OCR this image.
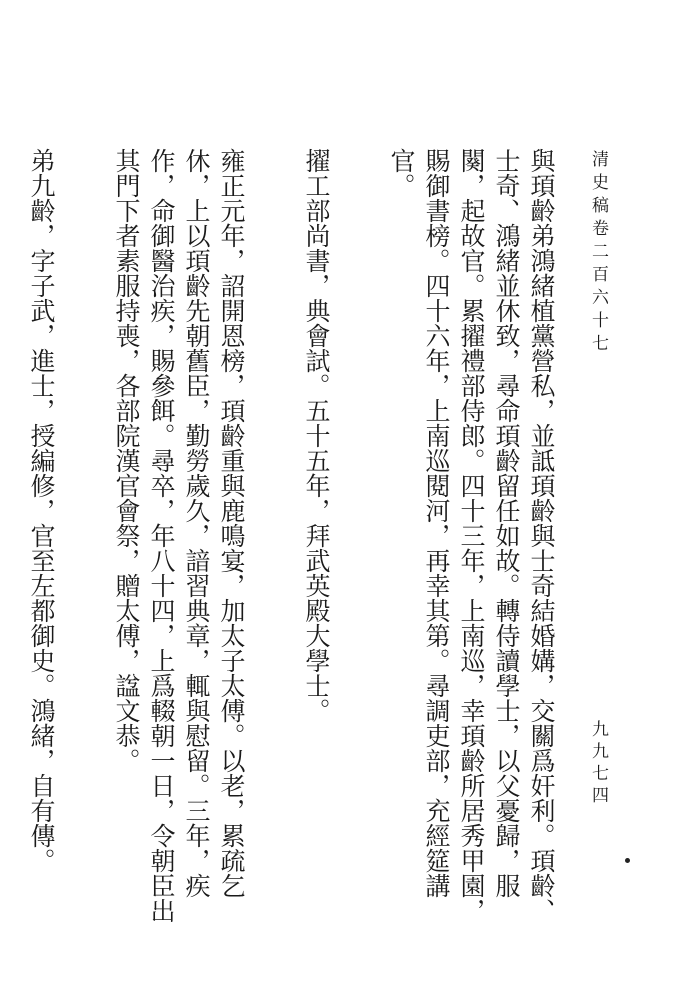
清史稿卷二百六十七
九九七四

與頊齡弟鴻緒植黨營私，並詆頊齡與士奇結婚媾，交關爲奸利。頊齡、士奇、鴻緒並休致，尋命頊齡留任如故。轉侍讀學士，以父憂歸，服闋，起故官。累擢禮部侍郎。四十三年，上南巡，幸頊齡所居秀甲園，賜御書榜。四十六年，上南巡閱河，再幸其第。尋調吏部，充經筵講官。

擢工部尚書，典會試。五十五年，拜武英殿大學士。

雍正元年，詔開恩榜，頊齡重與鹿鳴宴，加太子太傅。以老，累疏乞休，上以頊齡先朝舊臣，勤勞歲久，諳習典章，輒與慰留。三年，疾作，命御醫治疾，賜參餌。尋卒，年八十四，上爲輟朝一日，令朝臣出其門下者素服持喪，各部院漢官會祭，贈太傅，諡文恭。

弟九齡，字子武，進士，授編修，官至左都御史。鴻緒，自有傳。
